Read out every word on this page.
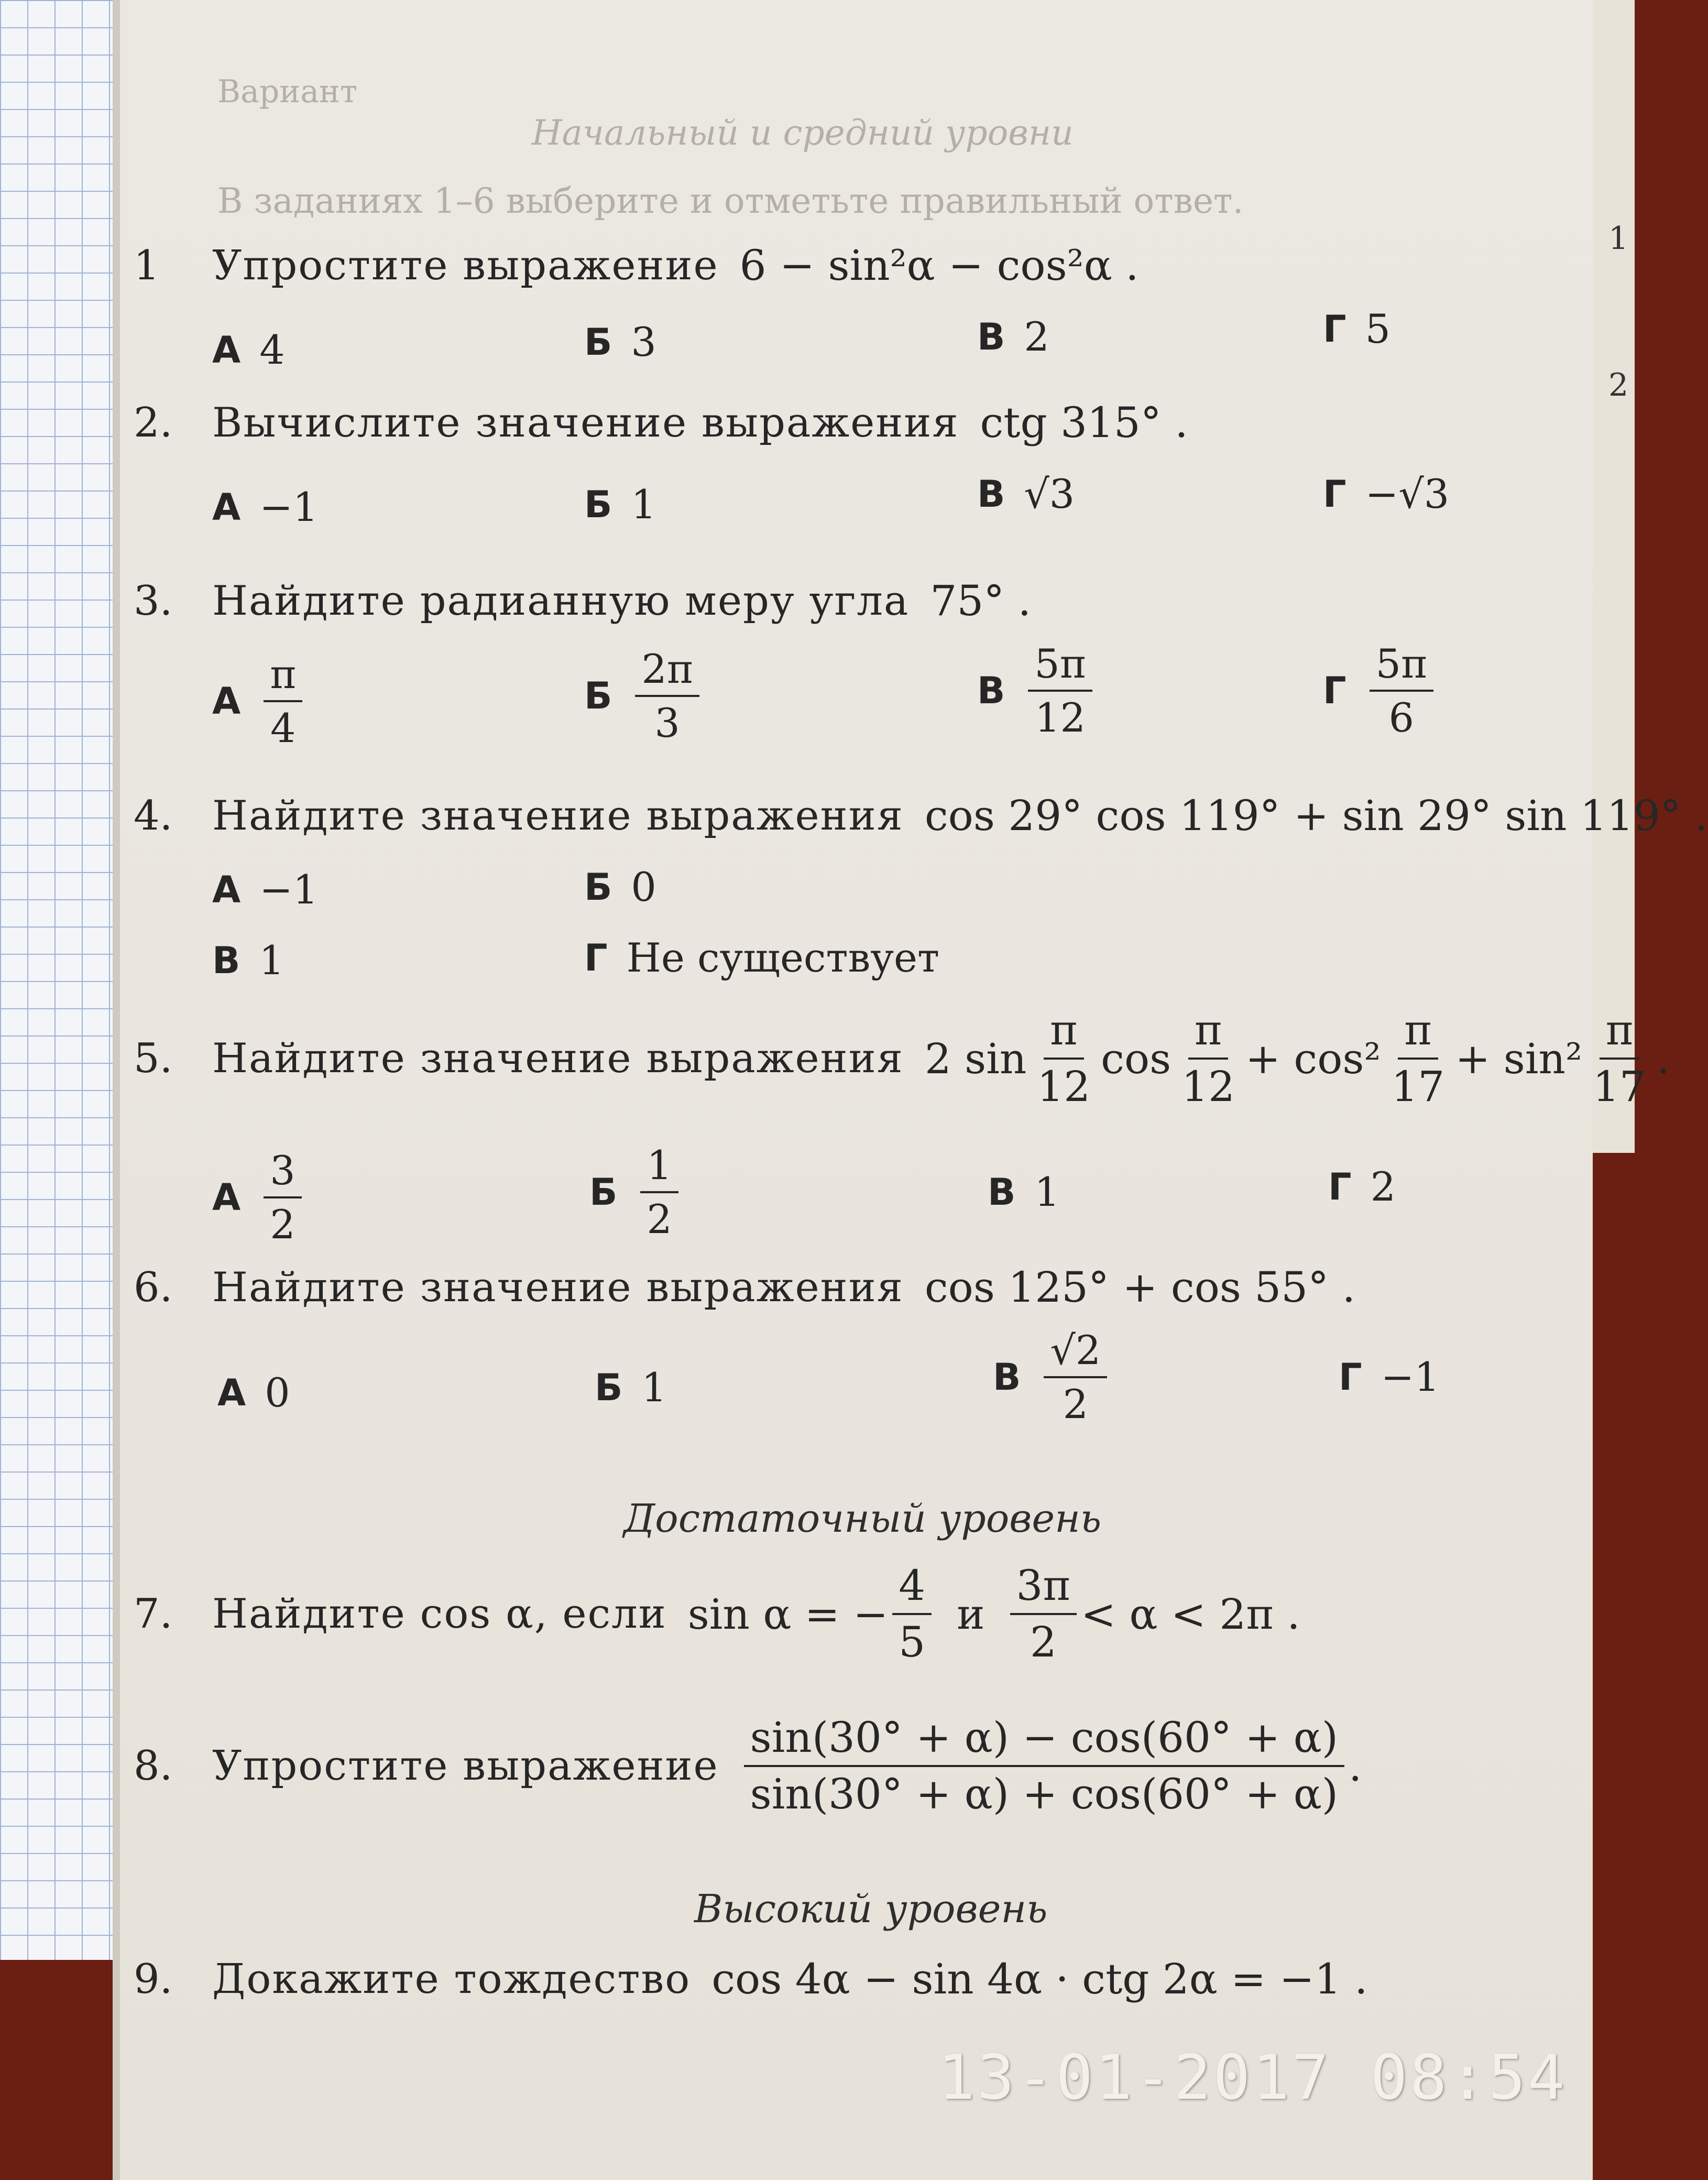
1
2
Вариант
Начальный и средний уровни
В заданиях 1–6 выберите и отметьте правильный ответ.
1	Упростите выражение 6 − sin²α − cos²α .
А 4	Б 3	В 2	Г 5
2. Вычислите значение выражения ctg 315° .
А −1	Б 1	В √3	Г −√3
3. Найдите радианную меру угла 75° .
А $\frac{\pi}{4}$	Б $\frac{2\pi}{3}$	В $\frac{5\pi}{12}$	Г $\frac{5\pi}{6}$
4. Найдите значение выражения cos 29° cos 119° + sin 29° sin 119° .
А −1	Б 0
В 1	Г Не существует
5. Найдите значение выражения 2 $\sin \frac{\pi}{12}$ $\cos \frac{\pi}{12} + \cos^2 \frac{\pi}{17} + \sin^2 \frac{\pi}{17}$ .
А $\frac{3}{2}$	Б $\frac{1}{2}$	В 1	Г 2
6. Найдите значение выражения cos 125° + cos 55° .
А 0	Б 1	В $\frac{√2}{2}$	Г −1
Достаточный уровень
7. Найдите cos α, если sin α = − $\frac{4}{5}$ и $\frac{3\pi}{2} < \alpha < 2\pi$ .
8. Упростите выражение $\frac{\sin(30^\circ + \alpha) - \cos(60^\circ + \alpha)}{\sin(30^\circ + \alpha) + \cos(60^\circ + \alpha)}$ .
Высокий уровень
9. Докажите тождество cos 4α − sin 4α · ctg 2α = −1 .
13-01-2017 08:54
